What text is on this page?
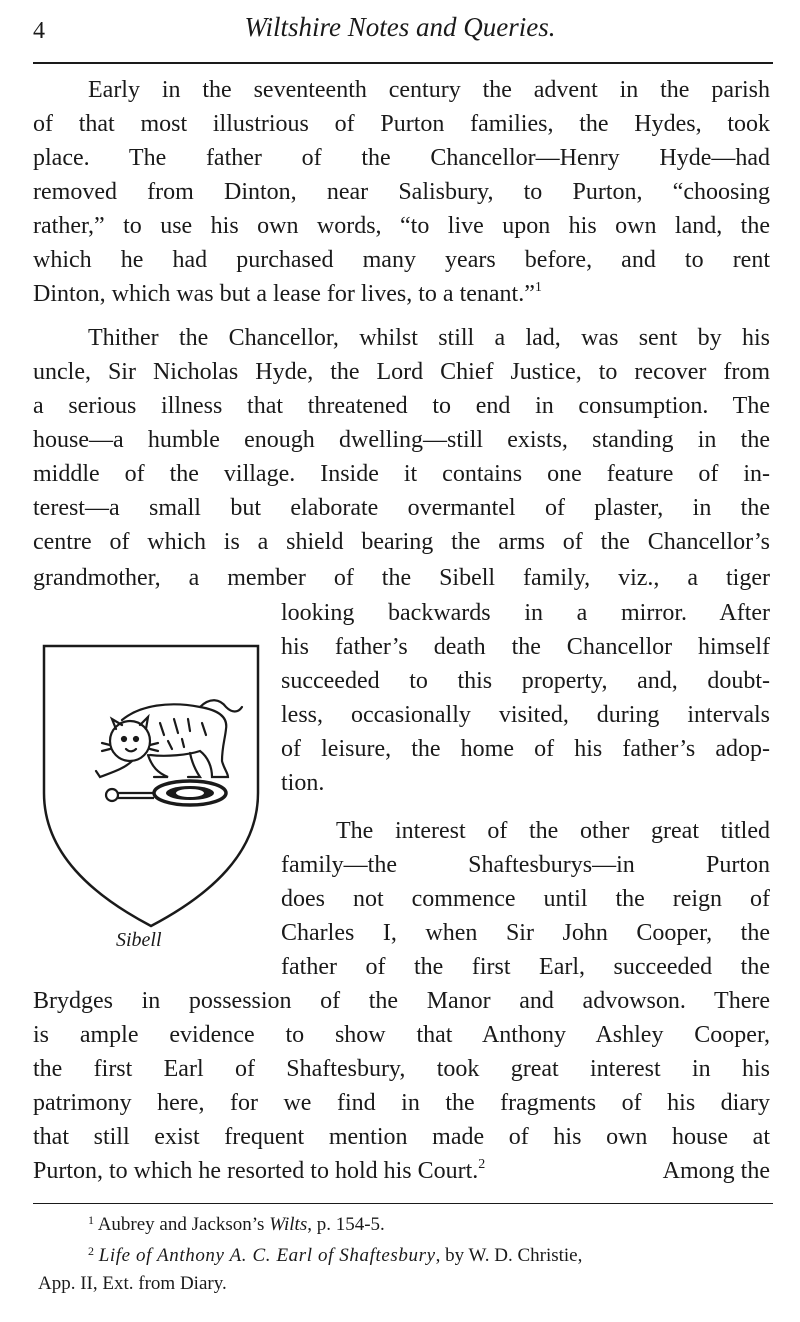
4	Wiltshire Notes and Queries.
Early in the seventeenth century the advent in the parish
of that most illustrious of Purton families, the Hydes, took
place. The father of the Chancellor—Henry Hyde—had
removed from Dinton, near Salisbury, to Purton, “choosing
rather,” to use his own words, “to live upon his own land, the
which he had purchased many years before, and to rent
Dinton, which was but a lease for lives, to a tenant.”$^1$
Thither the Chancellor, whilst still a lad, was sent by his
uncle, Sir Nicholas Hyde, the Lord Chief Justice, to recover from
a serious illness that threatened to end in consumption. The
house—a humble enough dwelling—still exists, standing in the
middle of the village. Inside it contains one feature of in-
terest—a small but elaborate overmantel of plaster, in the
centre of which is a shield bearing the arms of the Chancellor’s
grandmother, a member of the Sibell family, viz., a tiger
looking backwards in a mirror. After
his father’s death the Chancellor himself
succeeded to this property, and, doubt-
less, occasionally visited, during intervals
of leisure, the home of his father’s adop-
tion.
The interest of the other great titled
family—the Shaftesburys—in Purton
does not commence until the reign of
Charles I, when Sir John Cooper, the
father of the first Earl, succeeded the
Brydges in possession of the Manor and advowson. There
is ample evidence to show that Anthony Ashley Cooper,
the first Earl of Shaftesbury, took great interest in his
patrimony here, for we find in the fragments of his diary
that still exist frequent mention made of his own house at
Purton, to which he resorted to hold his Court.$^2$	Among the
Sibell
$^1$ Aubrey and Jackson’s Wilts, p. 154-5.
$^2$ Life of Anthony A. C. Earl of Shaftesbury, by W. D. Christie,
App. II, Ext. from Diary.
